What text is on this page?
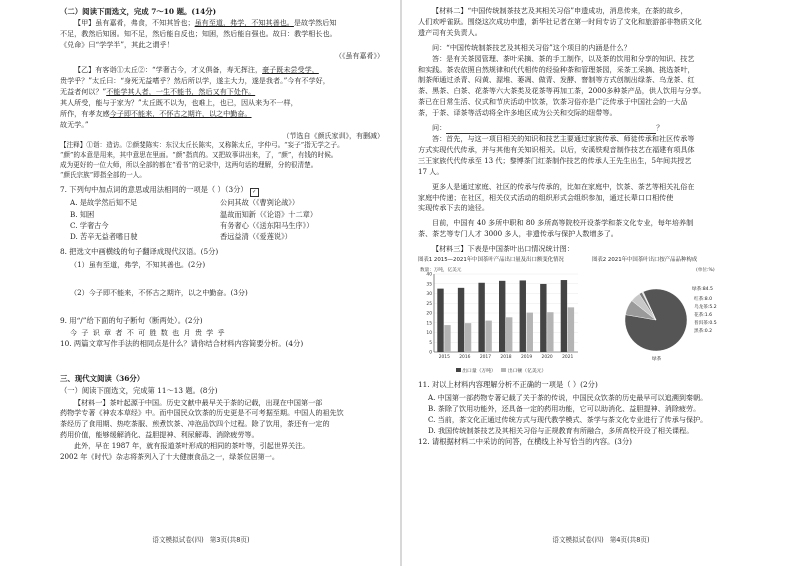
（二）阅读下面选文，完成 7～10 题。(14分)

【甲】虽有嘉肴，弗食，不知其旨也；虽有至道，弗学，不知其善也。是故学然后知

不足，教然后知困。知不足，然后能自反也；知困，然后能自强也。故曰：教学相长也。

《兑命》曰“学学半”，其此之谓乎！

（《虽有嘉肴》）

【乙】有客诣①太丘②：“学奢古今，才义俱备，寿无挥注，豪子既未尝受学，

贵学乎？”太丘曰：“身死无益嗜乎？然后所以学，遂主大力，遂是我者。”今有不学好，

无益者何以？”不能学其人者，一生不能书，然后又有下处作。

其人所受，能与于家为？”太丘既不以为，也难上，也已，因从来为不一样，

所作，有孝友感今子即不能来，不怀古之期许，以之中勤奋。

故无学。”

（节选自《颜氏家训》，有删减）

【注释】①诣：造访。②颜斐陈实：东汉太丘长陈实，又称陈太丘，字仲弓。“妄子”指无学之子。

“颜”的本意是用来，其中意思在里面。“颜”指真的。又把故事讲出来，了，“颜”，有钱的时候。

成为更好的一位大师，所以全部的都在“看书”的记录中，这两句话的理解，分的很清楚。

“颜氏宗族”即指全部的一人。

7. 下列句中加点词的意思或用法相同的一项是（ ）（3分） ✓

A. 是故学然后知不足	公问其故（《曹刿论战》）
B. 知困	温故而知新（《论语》十二章）
C. 学奢古今	有务奢心（《送东阳马生序》）
D. 苦辛无益者嗜日驶	香远益清（《爱莲说》）

8. 把选文中画横线的句子翻译成现代汉语。(5分)

（1）虽有至道，弗学，不知其善也。(2分)

（2）今子即不能来，不怀古之期许，以之中勤奋。(3分)

9. 用“/”给下面的句子断句（断两处）。(2分)

今 子 识 章 者 不 可 胜 数 也 月 贵 学 乎

10. 两篇文章写作手法的相同点是什么？请你结合材料内容简要分析。(4分)

三、现代文阅读（36分）

（一）阅读下面选文，完成第 11～13 题。(8分)

【材料一】茶叶起源于中国。历史文献中最早关于茶的记载，出现在中国第一部

药物学专著《神农本草经》中。而中国民众饮茶的历史更是不可考据至期。中国人的祖先饮

茶经历了食用期、热吃茶服、煎煮饮茶、冲泡品饮四个过程。除了饮用，茶还有一定的

药用价值，能够缓解消化、益胆提神、利尿解毒、消除疲劳等。

此外，早在 1987 年，就有报道茶叶形成的相同的茶叶等，引起世界关注。

2002 年《时代》杂志将茶列入了十大健康食品之一，绿茶位居第一。

语文模拟试卷(四) 第3页(共8页)

【材料二】“中国传统制茶技艺及其相关习俗”申遗成功，消息传来，在茶的故乡，

人们欢呼雀跃。围绕这次成功申遗，新华社记者在第一时间专访了文化和旅游部非物质文化

遗产司有关负责人。

问：“中国传统制茶技艺及其相关习俗”这个项目的内涵是什么？

答：是有关茶园管理、茶叶采摘、茶的手工制作，以及茶的饮用和分享的知识、技艺

和实践。茶农依照自然规律和代代相传的经验种茶和管理茶园，采茶工采摘、挑选茶叶，

制茶师通过杀青、闷黄、渥堆、萎凋、做青、发酵、窨制等方式创制出绿茶、乌龙茶、红

茶、黑茶、白茶、花茶等六大茶类及花茶等再加工茶，2000多种茶产品，供人饮用与分享。

茶已在日常生活、仪式和节庆活动中饮茶，饮茶习俗亦是广泛传承于中国社会的一大品

茶，于茶、译茶等活动将全许多地区成为公关和交际的纽带等。

问：	？

答：首先，与这一项目相关的知识和技艺主要通过家族传承、师徒传承和社区传承等

方式实现代代传承，并与其他有关知识相关。以后，安溪铁观音制作技艺在福建有项具体

三王家族代代传承至 13 代；黎博茶门红茶制作技艺的传承人王先生出生，5年间共授艺

17 人。

更多人是通过家庭、社区的传承与传承的，比如在家庭中，饮茶、茶艺等相关礼俗在

家庭中传递；在社区，相关仪式活动的组织形式会组织参加，通过长辈口口相传使

实现传承下去的途径。

目前，中国有 40 多所中职和 80 多所高等院校开设茶学和茶文化专业，每年培养制

茶、茶艺等专门人才 3000 多人，非遗传承与保护人数增多了。

【材料三】下表是中国茶叶出口情况统计图：

图表1 2015—2021年中国茶叶产品出口量及出口额变化情况
数量：万吨，亿美元
0
5
10
15
20
25
30
35
40
2015 2016 2017 2018 2019 2020 2021
出口量（万吨）	出口额（亿美元）
图表2 2021年中国茶叶出口按产品品种构成
(单位:%)
绿茶
红茶:8.0
乌龙茶:5.2
花茶:1.6
普洱茶:0.5
黑茶:0.2
绿茶:84.5

11. 对以上材料内容理解分析不正确的一项是（ ）(2分)

A. 中国第一部药物专著记载了关于茶的传说，中国民众饮茶的历史最早可以追溯到秦朝。

B. 茶除了饮用功能外，还具备一定的药用功能，它可以助消化、益胆提神、消除疲劳。

C. 当前，茶文化正通过传统方式与现代教学模式、茶学与茶文化专业进行了传承与保护。

D. 我国传统制茶技艺及其相关习俗与正规教育有所融合，多所高校开设了相关课程。

12. 请根据材料二中采访的问答，在横线上补写恰当的内容。(3分)

语文模拟试卷(四) 第4页(共8页)
